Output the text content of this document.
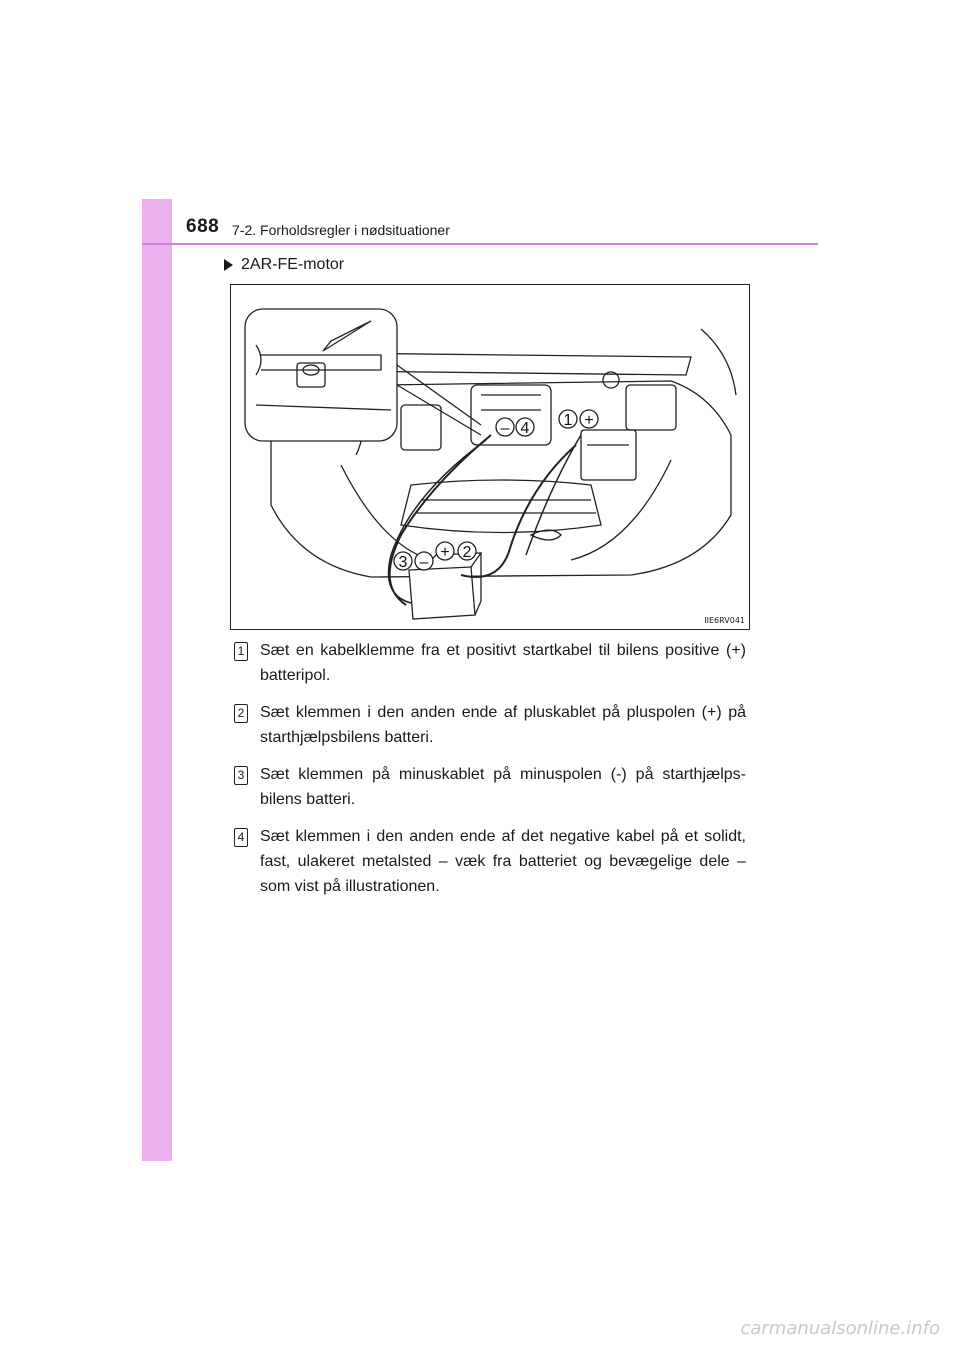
688 7-2. Forholdsregler i nødsituationer
2AR-FE-motor
1 +
– 4
+ 2
3 –
IIE6RV041
1 Sæt en kabelklemme fra et positivt startkabel til bilens positive (+) batteripol.
2 Sæt klemmen i den anden ende af pluskablet på pluspolen (+) på starthjælpsbilens batteri.
3 Sæt klemmen på minuskablet på minuspolen (-) på starthjælps-bilens batteri.
4 Sæt klemmen i den anden ende af det negative kabel på et solidt, fast, ulakeret metalsted – væk fra batteriet og bevægelige dele – som vist på illustrationen.
carmanualsonline.info
